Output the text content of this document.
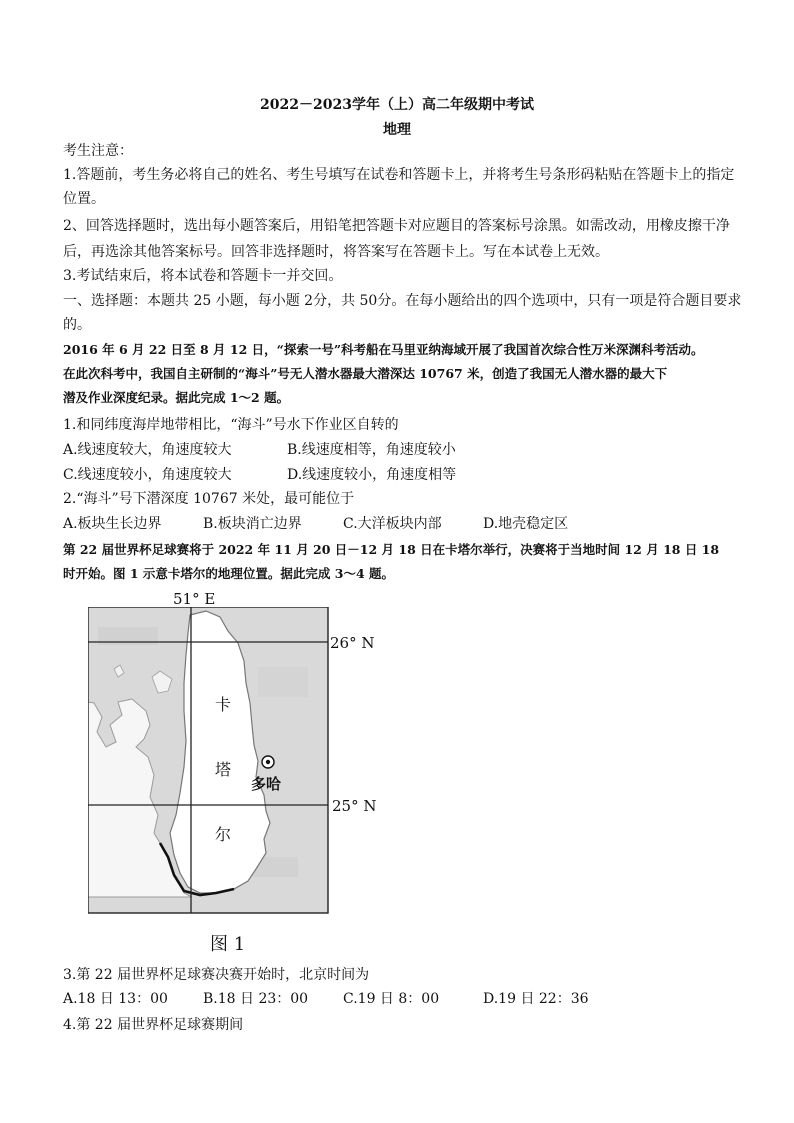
2022－2023学年（上）高二年级期中考试
地理
考生注意：
1.答题前，考生务必将自己的姓名、考生号填写在试卷和答题卡上，并将考生号条形码粘贴在答题卡上的指定
位置。
2、回答选择题时，选出每小题答案后，用铅笔把答题卡对应题目的答案标号涂黑。如需改动，用橡皮擦干净
后，再选涂其他答案标号。回答非选择题时，将答案写在答题卡上。写在本试卷上无效。
3.考试结束后，将本试卷和答题卡一并交回。
一、选择题：本题共 25 小题，每小题 2分，共 50分。在每小题给出的四个选项中，只有一项是符合题目要求
的。
2016 年 6 月 22 日至 8 月 12 日，“探索一号”科考船在马里亚纳海域开展了我国首次综合性万米深渊科考活动。
在此次科考中，我国自主研制的“海斗”号无人潜水器最大潜深达 10767 米，创造了我国无人潜水器的最大下
潜及作业深度纪录。据此完成 1～2 题。
1.和同纬度海岸地带相比，“海斗”号水下作业区自转的
A.线速度较大，角速度较大	B.线速度相等，角速度较小
C.线速度较小，角速度较大	D.线速度较小，角速度相等
2.“海斗”号下潜深度 10767 米处，最可能位于
A.板块生长边界	B.板块消亡边界	C.大洋板块内部	D.地壳稳定区
第 22 届世界杯足球赛将于 2022 年 11 月 20 日－12 月 18 日在卡塔尔举行，决赛将于当地时间 12 月 18 日 18
时开始。图 1 示意卡塔尔的地理位置。据此完成 3～4 题。
51° E
26° N
25° N
卡
塔
尔
多哈
图 1
3.第 22 届世界杯足球赛决赛开始时，北京时间为
A.18 日 13：00	B.18 日 23：00 C.19 日 8：00	D.19 日 22：36
4.第 22 届世界杯足球赛期间
